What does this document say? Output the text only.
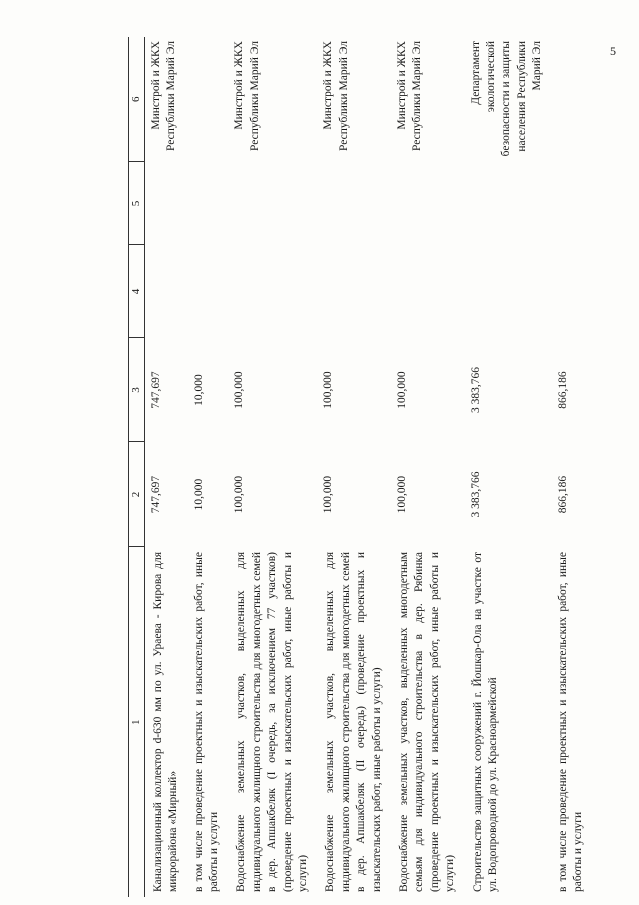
5
1	2	3	4	5	6
Канализационный коллектор d-630 мм по ул. Ураева - Кирова для микрорайона «Мирный»	747,697	747,697			Минстрой и ЖКХ Республики Марий Эл
в том числе проведение проектных и изыскательских работ, иные работы и услуги	10,000	10,000			
Водоснабжение земельных участков, выделенных для индивидуального жилищного строительства для многодетных семей в дер. Апшакбеляк (I очередь, за исключением 77 участков) (проведение проектных и изыскательских работ, иные работы и услуги)	100,000	100,000			Минстрой и ЖКХ Республики Марий Эл
Водоснабжение земельных участков, выделенных для индивидуального жилищного строительства для многодетных семей в дер. Апшакбеляк (II очередь) (проведение проектных и изыскательских работ, иные работы и услуги)	100,000	100,000			Минстрой и ЖКХ Республики Марий Эл
Водоснабжение земельных участков, выделенных многодетным семьям для индивидуального строительства в дер. Рябинка (проведение проектных и изыскательских работ, иные работы и услуги)	100,000	100,000			Минстрой и ЖКХ Республики Марий Эл
Строительство защитных сооружений г. Йошкар-Ола на участке от ул. Водопроводной до ул. Красноармейской	3 383,766	3 383,766			Департамент экологической безопасности и защиты населения Республики Марий Эл
в том числе проведение проектных и изыскательских работ, иные работы и услуги	866,186	866,186			
